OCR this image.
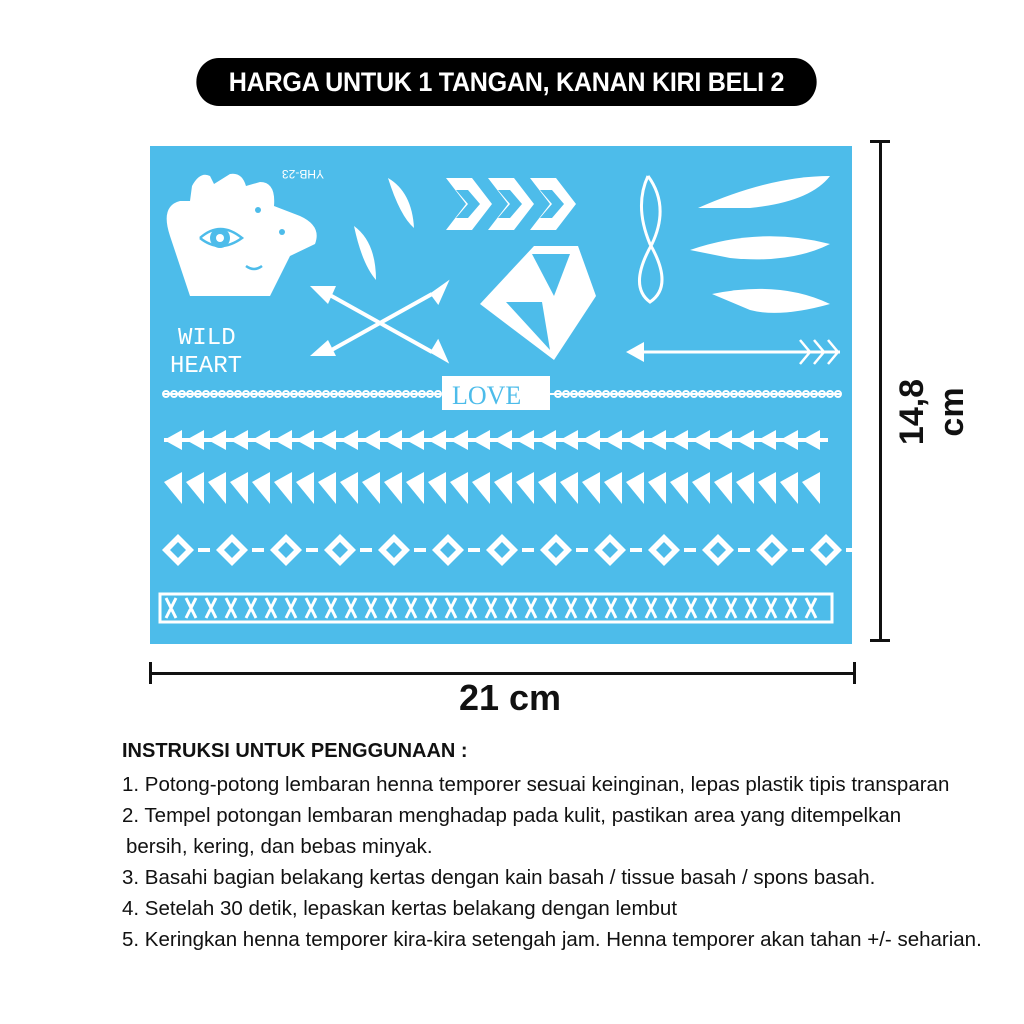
HARGA UNTUK 1 TANGAN, KANAN KIRI BELI 2
YHB-23
WILD
HEART
LOVE	14,8 cm
21 cm
INSTRUKSI UNTUK PENGGUNAAN :
1. Potong-potong lembaran henna temporer sesuai keinginan, lepas plastik tipis transparan
2. Tempel potongan lembaran menghadap pada kulit, pastikan area yang ditempelkan
bersih, kering, dan bebas minyak.
3. Basahi bagian belakang kertas dengan kain basah / tissue basah / spons basah.
4. Setelah 30 detik, lepaskan kertas belakang dengan lembut
5. Keringkan henna temporer kira-kira setengah jam. Henna temporer akan tahan +/- seharian.
